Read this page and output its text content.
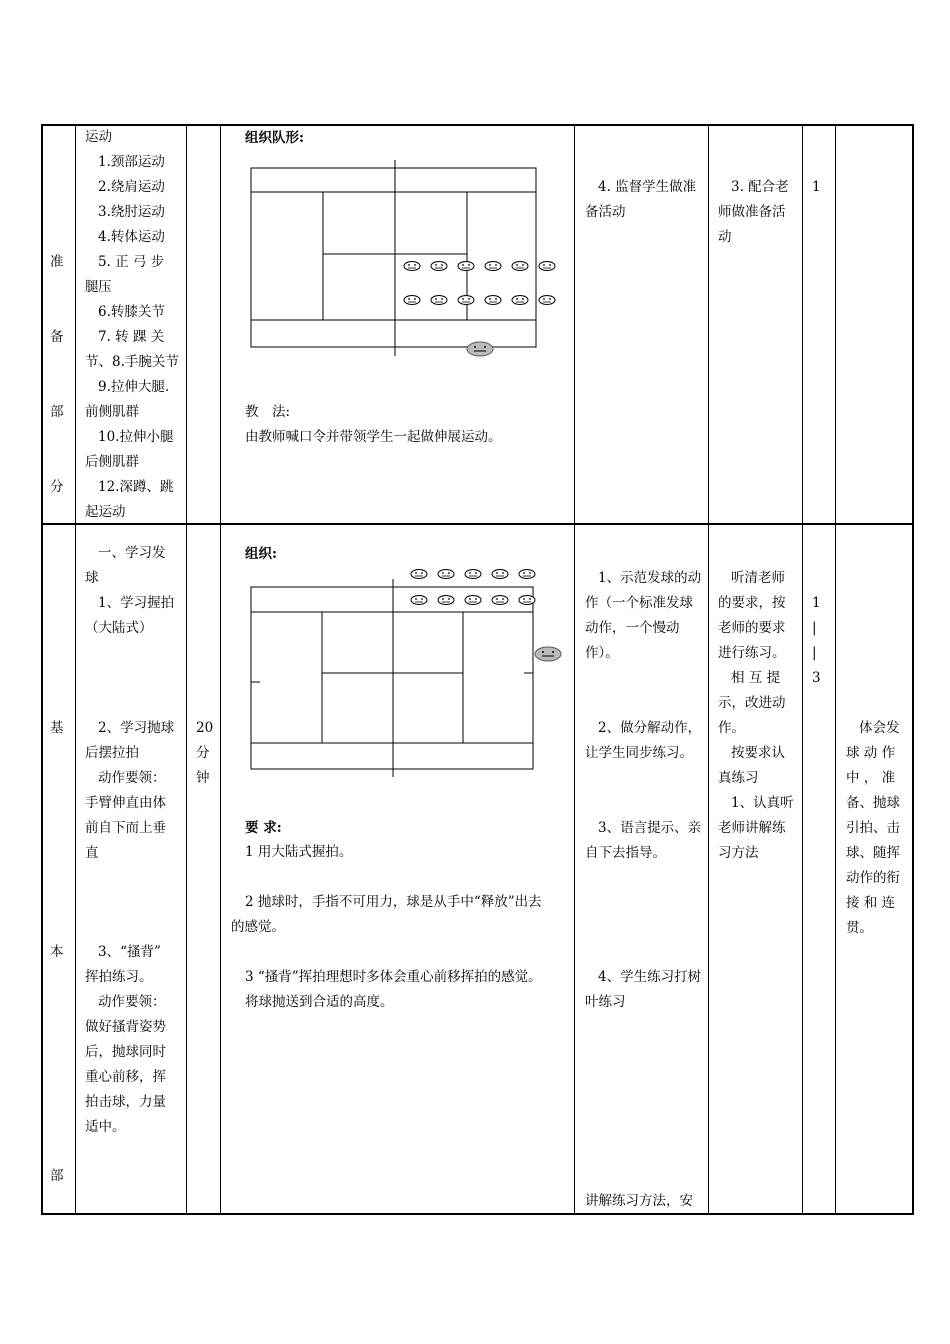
准
备
部
分
运动
1.颈部运动
2.绕肩运动
3.绕肘运动
4.转体运动
5. 正 弓 步 压
腿
6.转膝关节
7. 转 踝 关
节、8.手腕关节
9.拉伸大腿.
前侧肌群
10.拉伸小腿
后侧肌群
12.深蹲、跳
起运动
组织队形:
教　法:
由教师喊口令并带领学生一起做伸展运动。
4. 监督学生做准
备活动
3. 配合老
师做准备活
动
1
基
本
部
一、学习发
球
1、学习握拍
（大陆式）
2、学习抛球
后摆拉拍
动作要领：
手臂伸直由体
前自下而上垂
直
3、“搔背”
挥拍练习。
动作要领：
做好搔背姿势
后，抛球同时
重心前移，挥
拍击球，力量
适中。
20
分
钟
组织:
要 求:
1 用大陆式握拍。
2 抛球时，手指不可用力，球是从手中“释放”出去
的感觉。
3 “搔背”挥拍理想时多体会重心前移挥拍的感觉。
将球抛送到合适的高度。
1、示范发球的动
作（一个标准发球
动作，一个慢动
作）。
2、做分解动作，
让学生同步练习。
3、语言提示、亲
自下去指导。
4、学生练习打树
叶练习
讲解练习方法，安
听清老师
的要求，按
老师的要求
进行练习。
相 互 提
示，改进动
作。
按要求认
真练习
1、认真听
老师讲解练
习方法
1
|
|
3
体会发
球 动 作
中 ， 准
备、抛球
引拍、击
球、随挥
动作的衔
接 和 连
贯。
